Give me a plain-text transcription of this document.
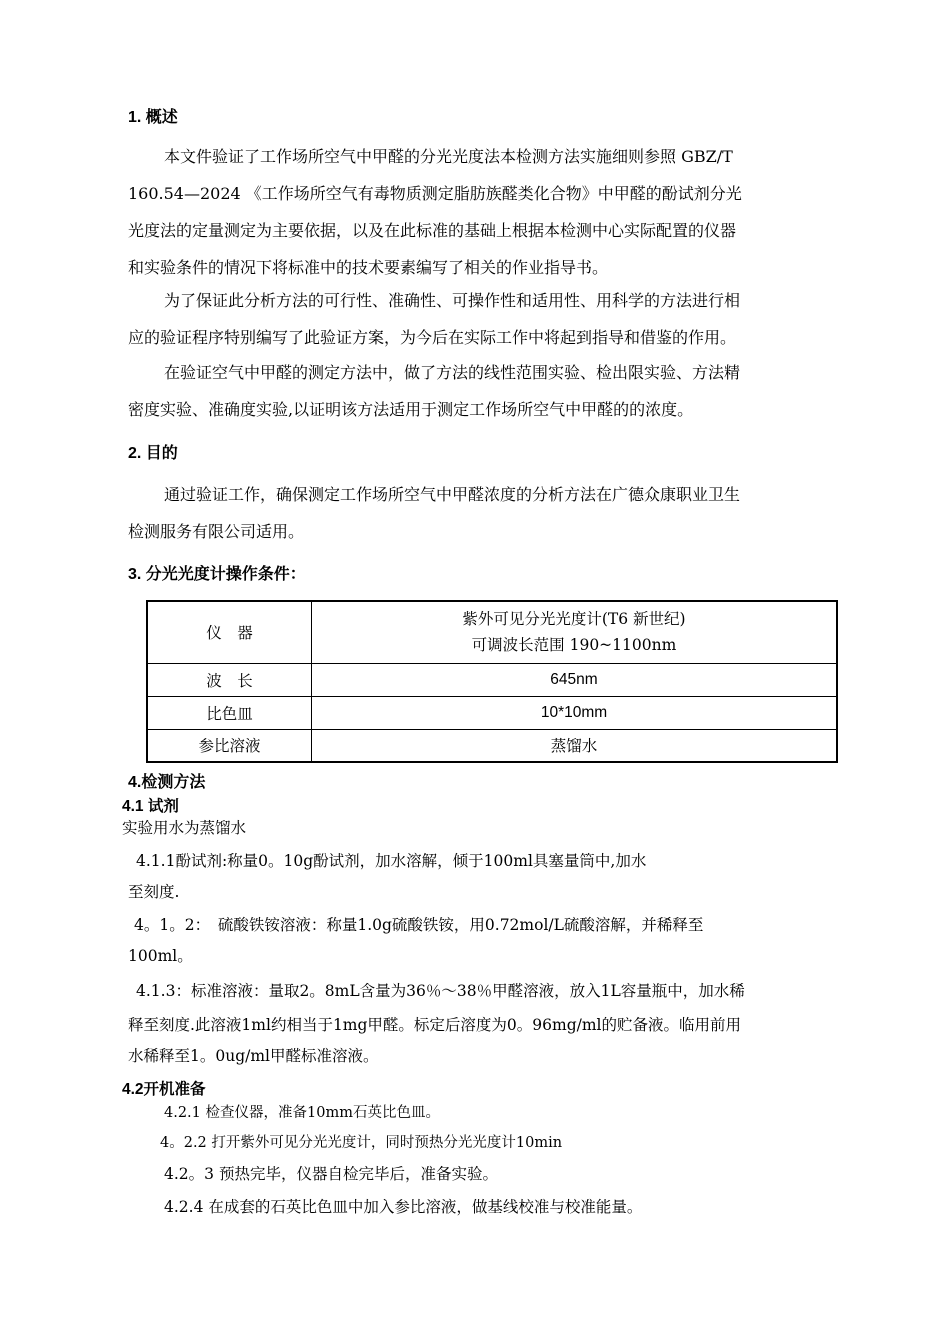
1. 概述
本文件验证了工作场所空气中甲醛的分光光度法本检测方法实施细则参照 GBZ/T
160.54—2024 《工作场所空气有毒物质测定脂肪族醛类化合物》中甲醛的酚试剂分光
光度法的定量测定为主要依据，以及在此标准的基础上根据本检测中心实际配置的仪器
和实验条件的情况下将标准中的技术要素编写了相关的作业指导书。
为了保证此分析方法的可行性、准确性、可操作性和适用性、用科学的方法进行相
应的验证程序特别编写了此验证方案，为今后在实际工作中将起到指导和借鉴的作用。
在验证空气中甲醛的测定方法中，做了方法的线性范围实验、检出限实验、方法精
密度实验、准确度实验,以证明该方法适用于测定工作场所空气中甲醛的的浓度。
2. 目的
通过验证工作，确保测定工作场所空气中甲醛浓度的分析方法在广德众康职业卫生
检测服务有限公司适用。
3. 分光光度计操作条件：
仪　器	紫外可见分光光度计(T6 新世纪)
可调波长范围 190~1100nm

波　长	645nm
比色皿	10*10mm
参比溶液	蒸馏水
4.检测方法
4.1 试剂
实验用水为蒸馏水
4.1.1酚试剂:称量0。10g酚试剂，加水溶解，倾于100ml具塞量筒中,加水
至刻度.
4。1。2：　硫酸铁铵溶液：称量1.0g硫酸铁铵，用0.72mol/L硫酸溶解，并稀释至
100ml。
4.1.3：标准溶液：量取2。8mL含量为36％～38％甲醛溶液，放入1L容量瓶中，加水稀
释至刻度.此溶液1ml约相当于1mg甲醛。标定后溶度为0。96mg/ml的贮备液。临用前用
水稀释至1。0ug/ml甲醛标准溶液。
4.2开机准备
4.2.1 检查仪器，准备10mm石英比色皿。
4。2.2 打开紫外可见分光光度计，同时预热分光光度计10min
4.2。3 预热完毕，仪器自检完毕后，准备实验。
4.2.4 在成套的石英比色皿中加入参比溶液，做基线校准与校准能量。
